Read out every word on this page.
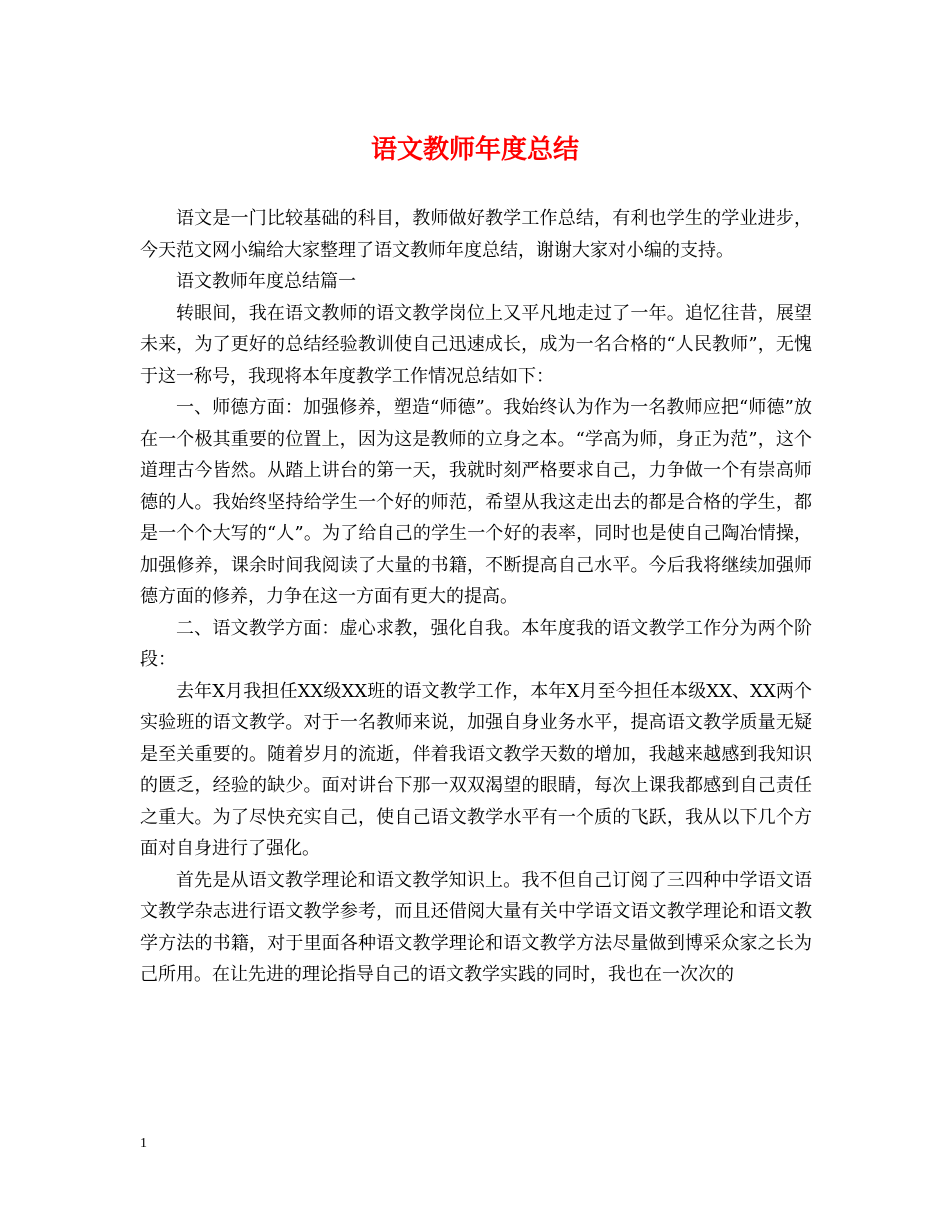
语文教师年度总结

语文是一门比较基础的科目，教师做好教学工作总结，有利也学生的学业进步，今天范文网小编给大家整理了语文教师年度总结，谢谢大家对小编的支持。

语文教师年度总结篇一

转眼间，我在语文教师的语文教学岗位上又平凡地走过了一年。追忆往昔，展望未来，为了更好的总结经验教训使自己迅速成长，成为一名合格的“人民教师”，无愧于这一称号，我现将本年度教学工作情况总结如下：

一、师德方面：加强修养，塑造“师德”。我始终认为作为一名教师应把“师德”放在一个极其重要的位置上，因为这是教师的立身之本。“学高为师，身正为范”，这个道理古今皆然。从踏上讲台的第一天，我就时刻严格要求自己，力争做一个有崇高师德的人。我始终坚持给学生一个好的师范，希望从我这走出去的都是合格的学生，都是一个个大写的“人”。为了给自己的学生一个好的表率，同时也是使自己陶冶情操，加强修养，课余时间我阅读了大量的书籍，不断提高自己水平。今后我将继续加强师德方面的修养，力争在这一方面有更大的提高。

二、语文教学方面：虚心求教，强化自我。本年度我的语文教学工作分为两个阶段：

去年X月我担任XX级XX班的语文教学工作，本年X月至今担任本级XX、XX两个实验班的语文教学。对于一名教师来说，加强自身业务水平，提高语文教学质量无疑是至关重要的。随着岁月的流逝，伴着我语文教学天数的增加，我越来越感到我知识的匮乏，经验的缺少。面对讲台下那一双双渴望的眼睛，每次上课我都感到自己责任之重大。为了尽快充实自己，使自己语文教学水平有一个质的飞跃，我从以下几个方面对自身进行了强化。

首先是从语文教学理论和语文教学知识上。我不但自己订阅了三四种中学语文语文教学杂志进行语文教学参考，而且还借阅大量有关中学语文语文教学理论和语文教学方法的书籍，对于里面各种语文教学理论和语文教学方法尽量做到博采众家之长为己所用。在让先进的理论指导自己的语文教学实践的同时，我也在一次次的

1
